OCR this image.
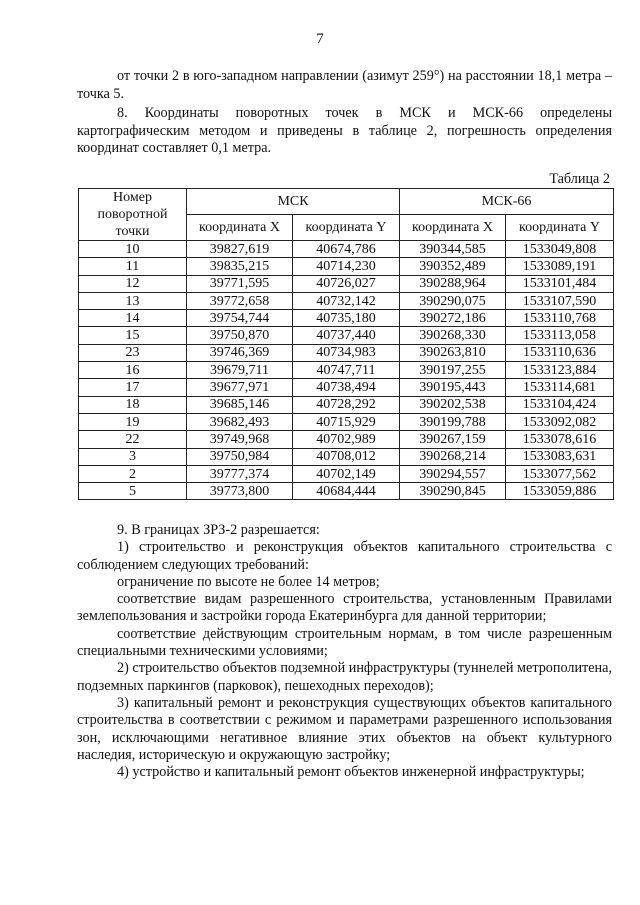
7

от точки 2 в юго-западном направлении (азимут 259°) на расстоянии 18,1 метра – точка 5.

8. Координаты поворотных точек в МСК и МСК-66 определены картографическим методом и приведены в таблице 2, погрешность определения координат составляет 0,1 метра.

Таблица 2
Номер поворотной точки	МСК		МСК-66	
	координата X	координата Y	координата X	координата Y
10	39827,619	40674,786	390344,585	1533049,808
11	39835,215	40714,230	390352,489	1533089,191
12	39771,595	40726,027	390288,964	1533101,484
13	39772,658	40732,142	390290,075	1533107,590
14	39754,744	40735,180	390272,186	1533110,768
15	39750,870	40737,440	390268,330	1533113,058
23	39746,369	40734,983	390263,810	1533110,636
16	39679,711	40747,711	390197,255	1533123,884
17	39677,971	40738,494	390195,443	1533114,681
18	39685,146	40728,292	390202,538	1533104,424
19	39682,493	40715,929	390199,788	1533092,082
22	39749,968	40702,989	390267,159	1533078,616
3	39750,984	40708,012	390268,214	1533083,631
2	39777,374	40702,149	390294,557	1533077,562
5	39773,800	40684,444	390290,845	1533059,886

9. В границах ЗРЗ-2 разрешается:

1) строительство и реконструкция объектов капитального строительства с соблюдением следующих требований:

ограничение по высоте не более 14 метров;

соответствие видам разрешенного строительства, установленным Правилами землепользования и застройки города Екатеринбурга для данной территории;

соответствие действующим строительным нормам, в том числе разрешенным специальными техническими условиями;

2) строительство объектов подземной инфраструктуры (туннелей метрополитена, подземных паркингов (парковок), пешеходных переходов);

3) капитальный ремонт и реконструкция существующих объектов капитального строительства в соответствии с режимом и параметрами разрешенного использования зон, исключающими негативное влияние этих объектов на объект культурного наследия, историческую и окружающую застройку;

4) устройство и капитальный ремонт объектов инженерной инфраструктуры;
